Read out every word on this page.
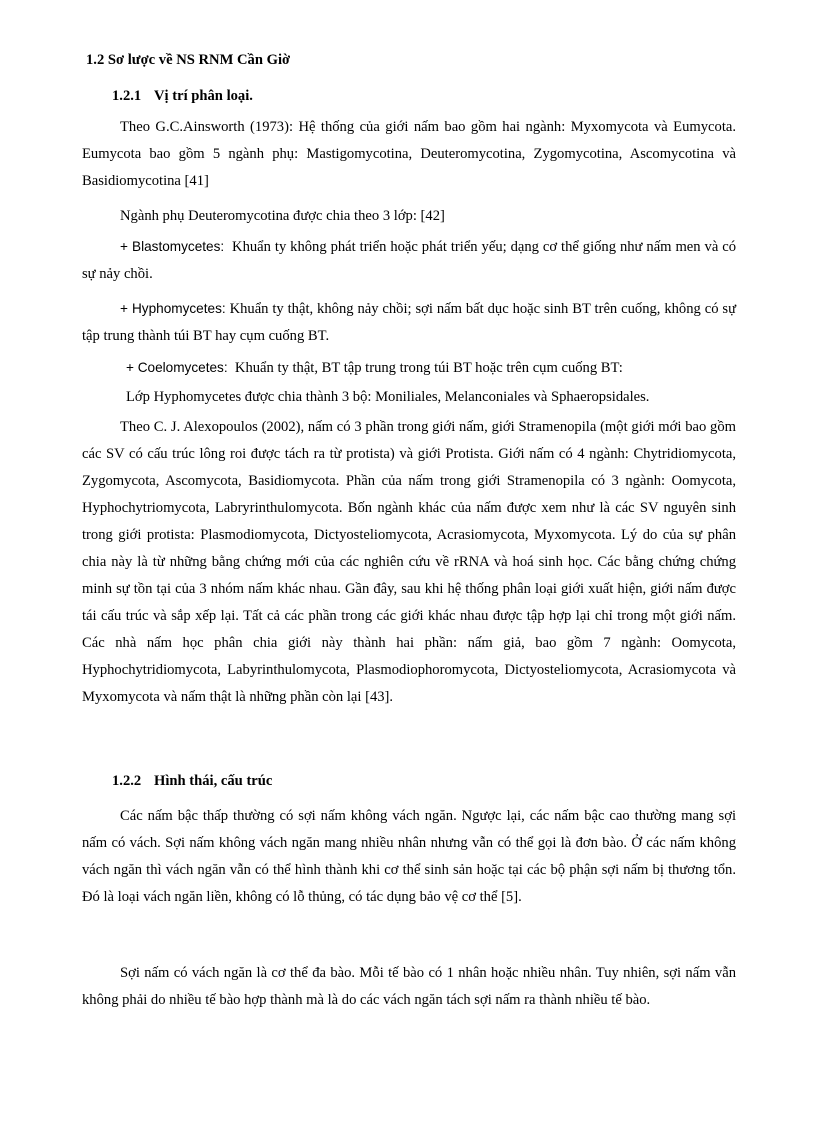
1.2 Sơ lược về NS RNM Cần Giờ
1.2.1 Vị trí phân loại.

Theo G.C.Ainsworth (1973): Hệ thống của giới nấm bao gồm hai ngành: Myxomycota và Eumycota. Eumycota bao gồm 5 ngành phụ: Mastigomycotina, Deuteromycotina, Zygomycotina, Ascomycotina và Basidiomycotina [41]

Ngành phụ Deuteromycotina được chia theo 3 lớp: [42]

+ Blastomycetes: Khuẩn ty không phát triển hoặc phát triển yếu; dạng cơ thể giống như nấm men và có sự nảy chồi.

+ Hyphomycetes: Khuẩn ty thật, không nảy chồi; sợi nấm bất dục hoặc sinh BT trên cuống, không có sự tập trung thành túi BT hay cụm cuống BT.

+ Coelomycetes: Khuẩn ty thật, BT tập trung trong túi BT hoặc trên cụm cuống BT:
Lớp Hyphomycetes được chia thành 3 bộ: Moniliales, Melanconiales và Sphaeropsidales.

Theo C. J. Alexopoulos (2002), nấm có 3 phần trong giới nấm, giới Stramenopila (một giới mới bao gồm các SV có cấu trúc lông roi được tách ra từ protista) và giới Protista. Giới nấm có 4 ngành: Chytridiomycota, Zygomycota, Ascomycota, Basidiomycota. Phần của nấm trong giới Stramenopila có 3 ngành: Oomycota, Hyphochytriomycota, Labryrinthulomycota. Bốn ngành khác của nấm được xem như là các SV nguyên sinh trong giới protista: Plasmodiomycota, Dictyosteliomycota, Acrasiomycota, Myxomycota. Lý do của sự phân chia này là từ những bằng chứng mới của các nghiên cứu về rRNA và hoá sinh học. Các bằng chứng chứng minh sự tồn tại của 3 nhóm nấm khác nhau. Gần đây, sau khi hệ thống phân loại giới xuất hiện, giới nấm được tái cấu trúc và sắp xếp lại. Tất cả các phần trong các giới khác nhau được tập hợp lại chỉ trong một giới nấm. Các nhà nấm học phân chia giới này thành hai phần: nấm giả, bao gồm 7 ngành: Oomycota, Hyphochytridiomycota, Labyrinthulomycota, Plasmodiophoromycota, Dictyosteliomycota, Acrasiomycota và Myxomycota và nấm thật là những phần còn lại [43].

1.2.2 Hình thái, cấu trúc

Các nấm bậc thấp thường có sợi nấm không vách ngăn. Ngược lại, các nấm bậc cao thường mang sợi nấm có vách. Sợi nấm không vách ngăn mang nhiều nhân nhưng vẫn có thể gọi là đơn bào. Ở các nấm không vách ngăn thì vách ngăn vẫn có thể hình thành khi cơ thể sinh sản hoặc tại các bộ phận sợi nấm bị thương tổn. Đó là loại vách ngăn liền, không có lỗ thủng, có tác dụng bảo vệ cơ thể [5].

Sợi nấm có vách ngăn là cơ thể đa bào. Mỗi tế bào có 1 nhân hoặc nhiều nhân. Tuy nhiên, sợi nấm vẫn không phải do nhiều tế bào hợp thành mà là do các vách ngăn tách sợi nấm ra thành nhiều tế bào.
